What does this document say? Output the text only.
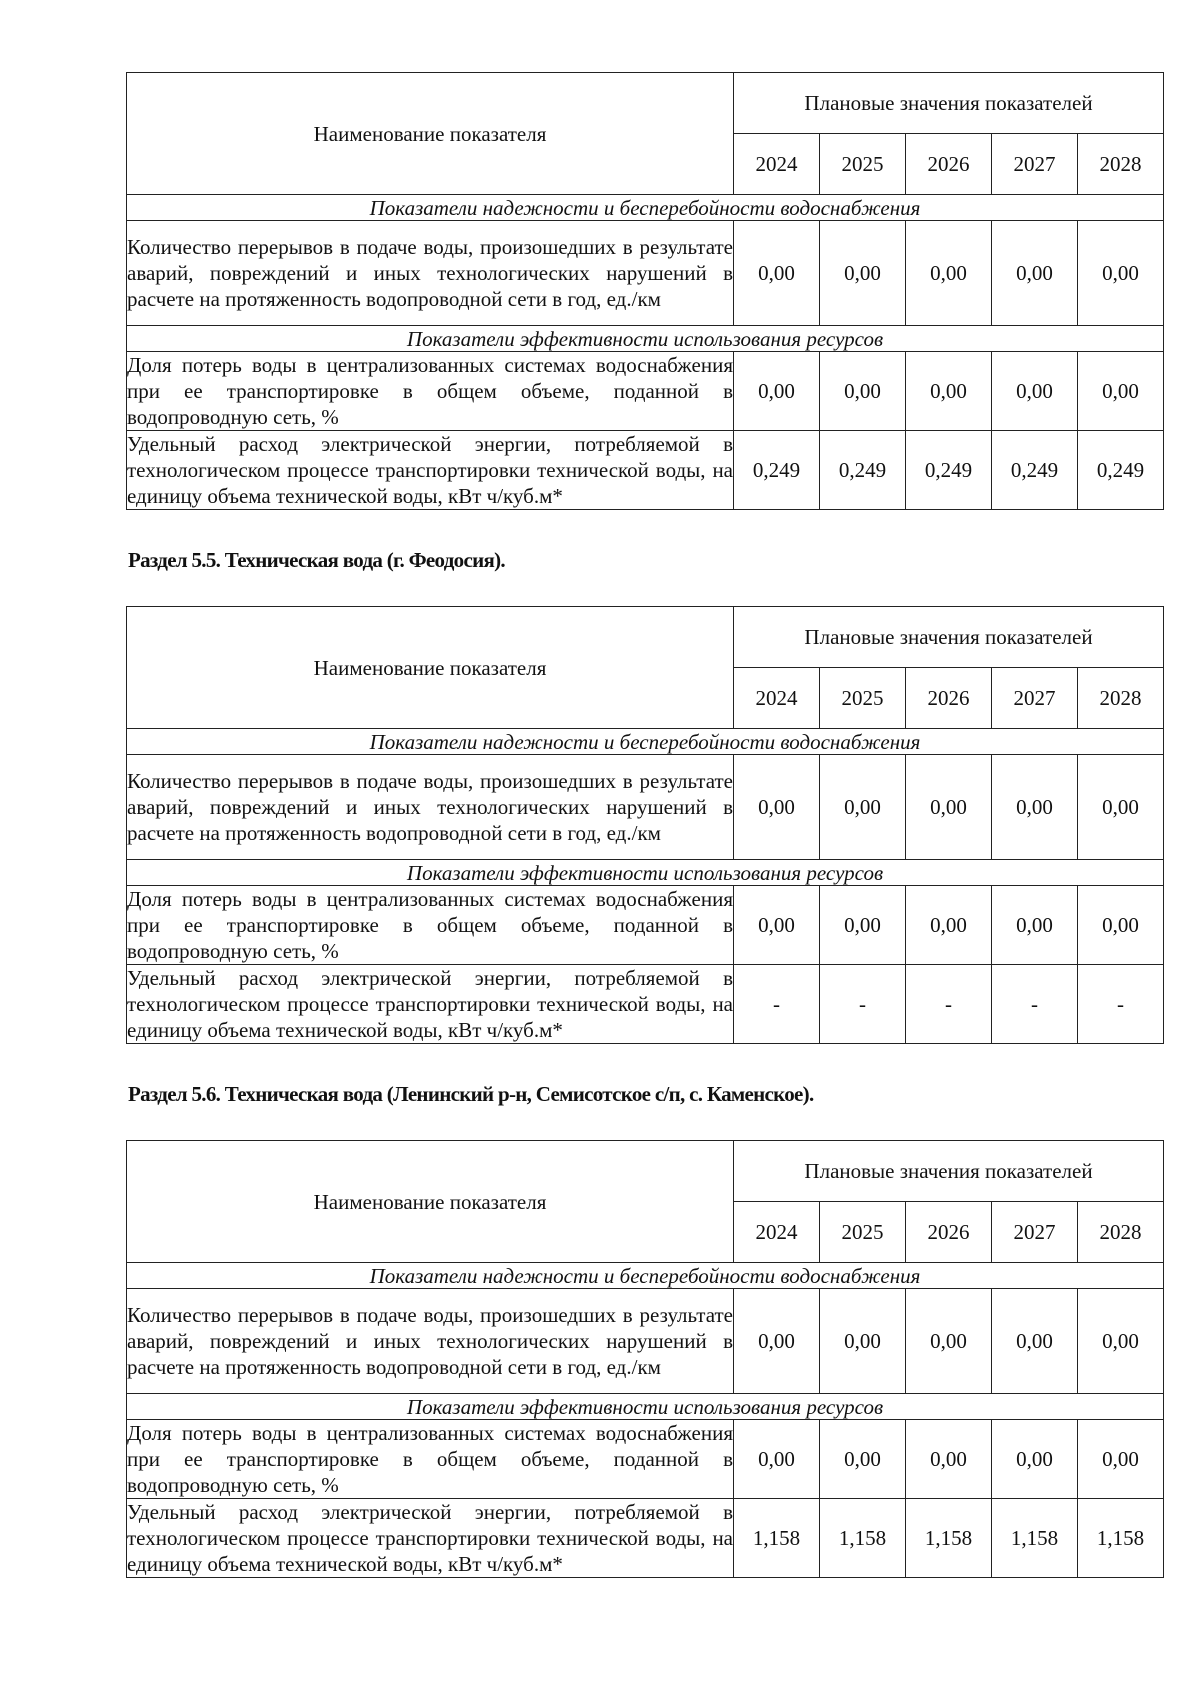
Наименование показателя	Плановые значения показателей				
	2024	2025	2026	2027	2028
Показатели надежности и бесперебойности водоснабжения					
Количество перерывов в подаче воды, произошедших в результате аварий, повреждений и иных технологических нарушений в расчете на протяженность водопроводной сети в год, ед./км	0,00	0,00	0,00	0,00	0,00
Показатели эффективности использования ресурсов					
Доля потерь воды в централизованных системах водоснабжения при ее транспортировке в общем объеме, поданной в водопроводную сеть, %	0,00	0,00	0,00	0,00	0,00
Удельный расход электрической энергии, потребляемой в технологическом процессе транспортировки технической воды, на единицу объема технической воды, кВт ч/куб.м*	0,249	0,249	0,249	0,249	0,249
Раздел 5.5. Техническая вода (г. Феодосия).
Наименование показателя	Плановые значения показателей				
	2024	2025	2026	2027	2028
Показатели надежности и бесперебойности водоснабжения					
Количество перерывов в подаче воды, произошедших в результате аварий, повреждений и иных технологических нарушений в расчете на протяженность водопроводной сети в год, ед./км	0,00	0,00	0,00	0,00	0,00
Показатели эффективности использования ресурсов					
Доля потерь воды в централизованных системах водоснабжения при ее транспортировке в общем объеме, поданной в водопроводную сеть, %	0,00	0,00	0,00	0,00	0,00
Удельный расход электрической энергии, потребляемой в технологическом процессе транспортировки технической воды, на единицу объема технической воды, кВт ч/куб.м*	-	-	-	-	-
Раздел 5.6. Техническая вода (Ленинский р-н, Семисотское с/п, с. Каменское).
Наименование показателя	Плановые значения показателей				
	2024	2025	2026	2027	2028
Показатели надежности и бесперебойности водоснабжения					
Количество перерывов в подаче воды, произошедших в результате аварий, повреждений и иных технологических нарушений в расчете на протяженность водопроводной сети в год, ед./км	0,00	0,00	0,00	0,00	0,00
Показатели эффективности использования ресурсов					
Доля потерь воды в централизованных системах водоснабжения при ее транспортировке в общем объеме, поданной в водопроводную сеть, %	0,00	0,00	0,00	0,00	0,00
Удельный расход электрической энергии, потребляемой в технологическом процессе транспортировки технической воды, на единицу объема технической воды, кВт ч/куб.м*	1,158	1,158	1,158	1,158	1,158
